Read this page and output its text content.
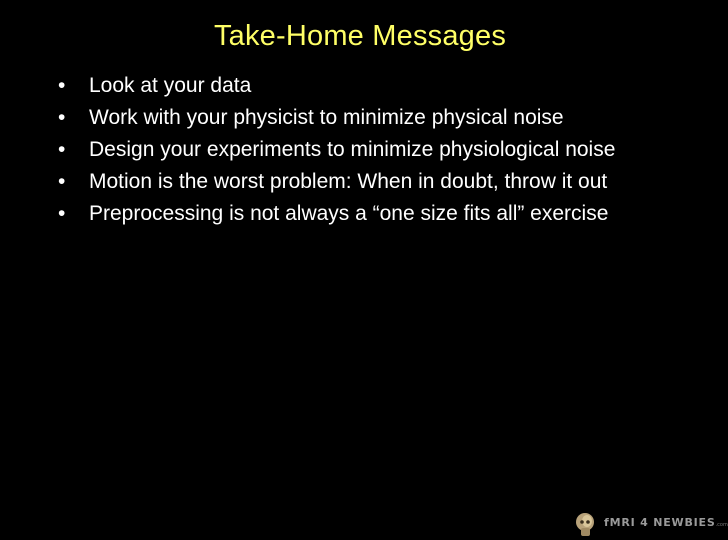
Take-Home Messages
•	Look at your data
•	Work with your physicist to minimize physical noise
•	Design your experiments to minimize physiological noise
•	Motion is the worst problem: When in doubt, throw it out
•	Preprocessing is not always a “one size fits all” exercise
fMRI 4 NEWBIES.com
